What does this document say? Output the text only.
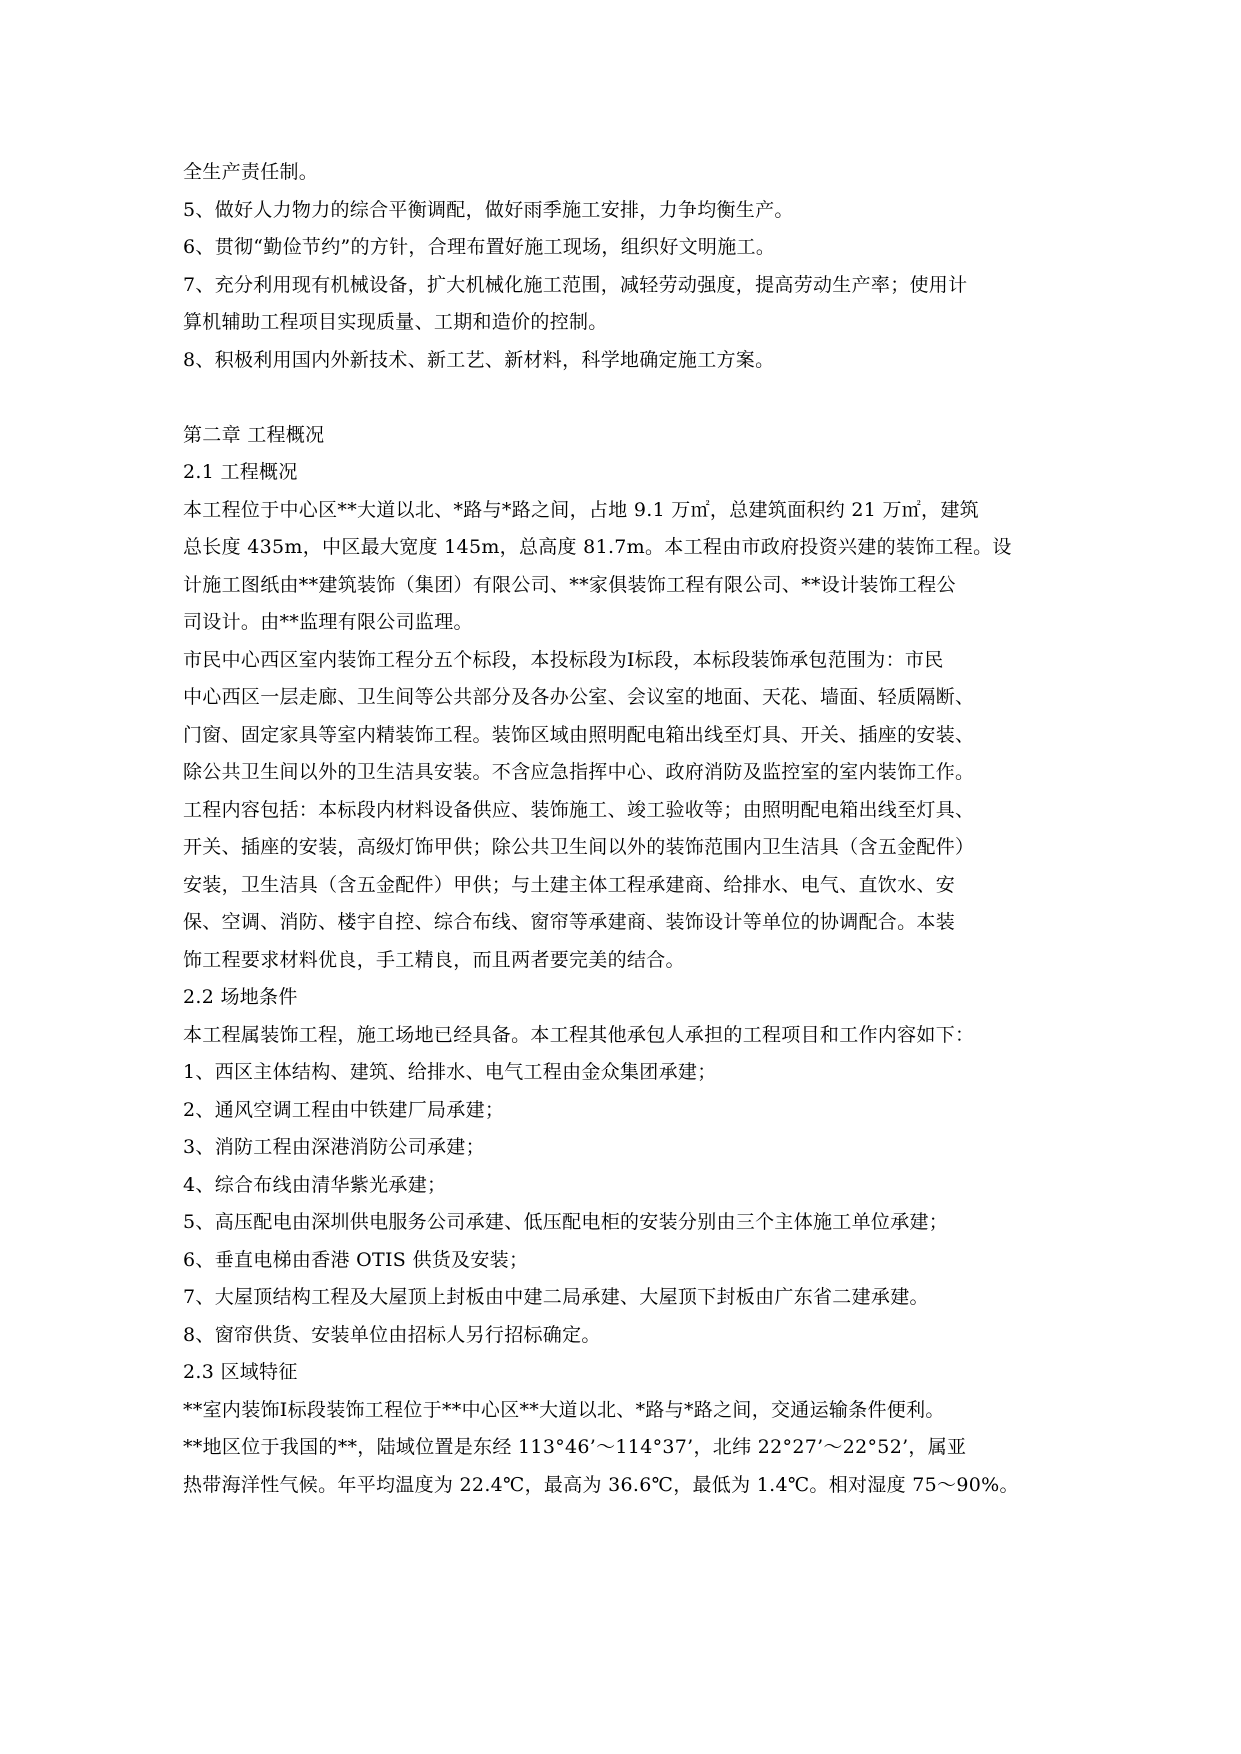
全生产责任制。
5、做好人力物力的综合平衡调配，做好雨季施工安排，力争均衡生产。
6、贯彻“勤俭节约”的方针，合理布置好施工现场，组织好文明施工。
7、充分利用现有机械设备，扩大机械化施工范围，减轻劳动强度，提高劳动生产率；使用计
算机辅助工程项目实现质量、工期和造价的控制。
8、积极利用国内外新技术、新工艺、新材料，科学地确定施工方案。
第二章 工程概况
2.1 工程概况
本工程位于中心区**大道以北、*路与*路之间，占地 9.1 万㎡，总建筑面积约 21 万㎡，建筑
总长度 435m，中区最大宽度 145m，总高度 81.7m。本工程由市政府投资兴建的装饰工程。设
计施工图纸由**建筑装饰（集团）有限公司、**家俱装饰工程有限公司、**设计装饰工程公
司设计。由**监理有限公司监理。
市民中心西区室内装饰工程分五个标段，本投标段为Ⅰ标段，本标段装饰承包范围为：市民
中心西区一层走廊、卫生间等公共部分及各办公室、会议室的地面、天花、墙面、轻质隔断、
门窗、固定家具等室内精装饰工程。装饰区域由照明配电箱出线至灯具、开关、插座的安装、
除公共卫生间以外的卫生洁具安装。不含应急指挥中心、政府消防及监控室的室内装饰工作。
工程内容包括：本标段内材料设备供应、装饰施工、竣工验收等；由照明配电箱出线至灯具、
开关、插座的安装，高级灯饰甲供；除公共卫生间以外的装饰范围内卫生洁具（含五金配件）
安装，卫生洁具（含五金配件）甲供；与土建主体工程承建商、给排水、电气、直饮水、安
保、空调、消防、楼宇自控、综合布线、窗帘等承建商、装饰设计等单位的协调配合。本装
饰工程要求材料优良，手工精良，而且两者要完美的结合。
2.2 场地条件
本工程属装饰工程，施工场地已经具备。本工程其他承包人承担的工程项目和工作内容如下：
1、西区主体结构、建筑、给排水、电气工程由金众集团承建；
2、通风空调工程由中铁建厂局承建；
3、消防工程由深港消防公司承建；
4、综合布线由清华紫光承建；
5、高压配电由深圳供电服务公司承建、低压配电柜的安装分别由三个主体施工单位承建；
6、垂直电梯由香港 OTIS 供货及安装；
7、大屋顶结构工程及大屋顶上封板由中建二局承建、大屋顶下封板由广东省二建承建。
8、窗帘供货、安装单位由招标人另行招标确定。
2.3 区域特征
**室内装饰Ⅰ标段装饰工程位于**中心区**大道以北、*路与*路之间，交通运输条件便利。
**地区位于我国的**，陆域位置是东经 113°46’～114°37’，北纬 22°27’～22°52’，属亚
热带海洋性气候。年平均温度为 22.4℃，最高为 36.6℃，最低为 1.4℃。相对湿度 75～90%。
